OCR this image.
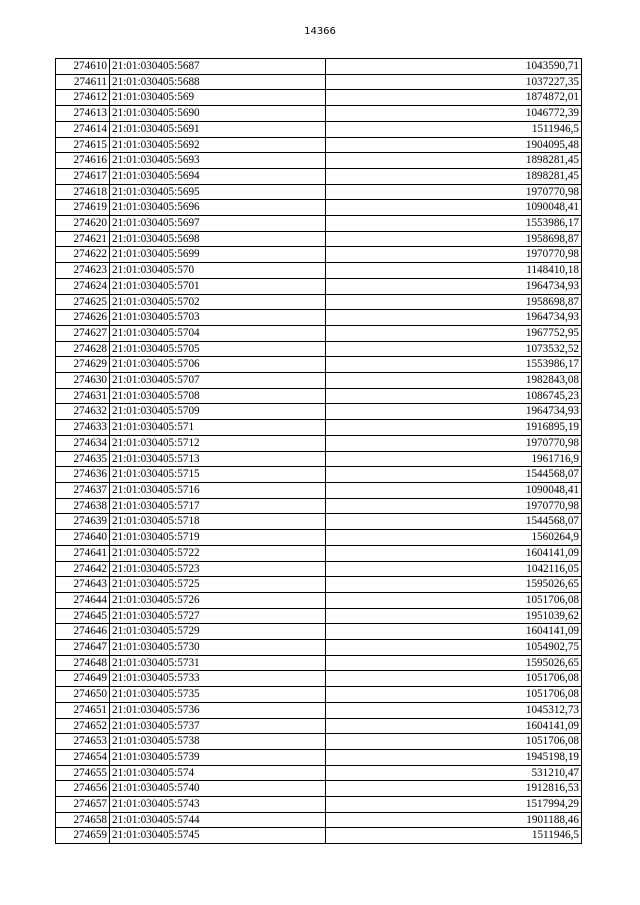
14366
274610	21:01:030405:5687	1043590,71
274611	21:01:030405:5688	1037227,35
274612	21:01:030405:569	1874872,01
274613	21:01:030405:5690	1046772,39
274614	21:01:030405:5691	1511946,5
274615	21:01:030405:5692	1904095,48
274616	21:01:030405:5693	1898281,45
274617	21:01:030405:5694	1898281,45
274618	21:01:030405:5695	1970770,98
274619	21:01:030405:5696	1090048,41
274620	21:01:030405:5697	1553986,17
274621	21:01:030405:5698	1958698,87
274622	21:01:030405:5699	1970770,98
274623	21:01:030405:570	1148410,18
274624	21:01:030405:5701	1964734,93
274625	21:01:030405:5702	1958698,87
274626	21:01:030405:5703	1964734,93
274627	21:01:030405:5704	1967752,95
274628	21:01:030405:5705	1073532,52
274629	21:01:030405:5706	1553986,17
274630	21:01:030405:5707	1982843,08
274631	21:01:030405:5708	1086745,23
274632	21:01:030405:5709	1964734,93
274633	21:01:030405:571	1916895,19
274634	21:01:030405:5712	1970770,98
274635	21:01:030405:5713	1961716,9
274636	21:01:030405:5715	1544568,07
274637	21:01:030405:5716	1090048,41
274638	21:01:030405:5717	1970770,98
274639	21:01:030405:5718	1544568,07
274640	21:01:030405:5719	1560264,9
274641	21:01:030405:5722	1604141,09
274642	21:01:030405:5723	1042116,05
274643	21:01:030405:5725	1595026,65
274644	21:01:030405:5726	1051706,08
274645	21:01:030405:5727	1951039,62
274646	21:01:030405:5729	1604141,09
274647	21:01:030405:5730	1054902,75
274648	21:01:030405:5731	1595026,65
274649	21:01:030405:5733	1051706,08
274650	21:01:030405:5735	1051706,08
274651	21:01:030405:5736	1045312,73
274652	21:01:030405:5737	1604141,09
274653	21:01:030405:5738	1051706,08
274654	21:01:030405:5739	1945198,19
274655	21:01:030405:574	531210,47
274656	21:01:030405:5740	1912816,53
274657	21:01:030405:5743	1517994,29
274658	21:01:030405:5744	1901188,46
274659	21:01:030405:5745	1511946,5
